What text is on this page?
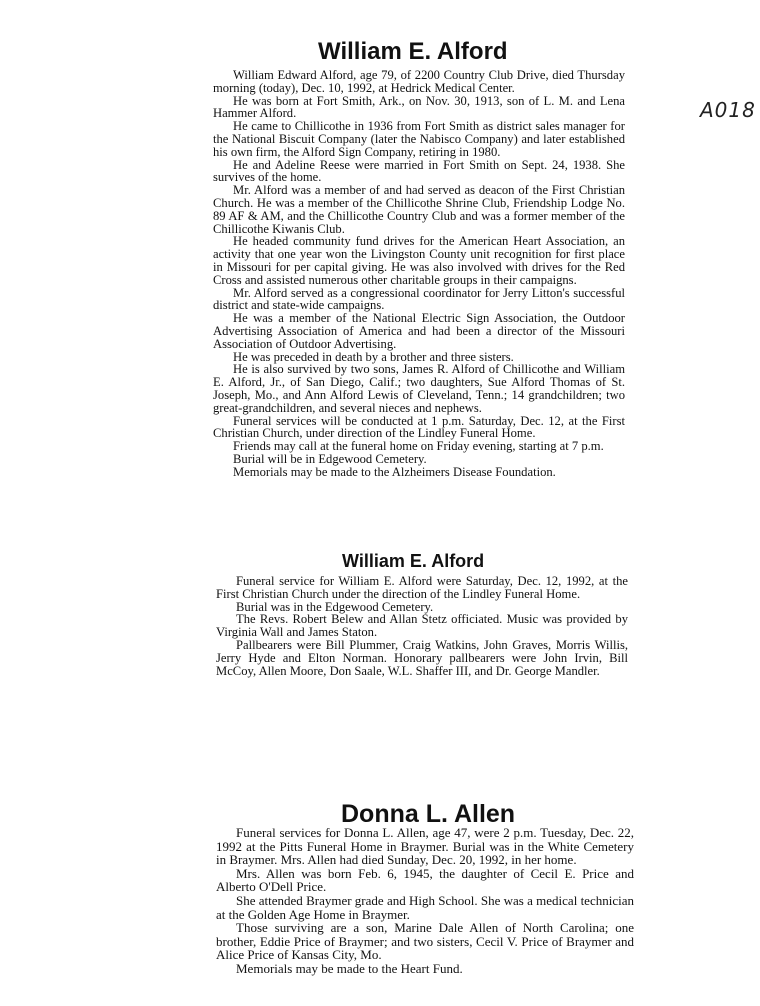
A018
William E. Alford

William Edward Alford, age 79, of 2200 Country Club Drive, died Thursday morning (today), Dec. 10, 1992, at Hedrick Medical Center.

He was born at Fort Smith, Ark., on Nov. 30, 1913, son of L. M. and Lena Hammer Alford.

He came to Chillicothe in 1936 from Fort Smith as district sales manager for the National Biscuit Company (later the Nabisco Company) and later established his own firm, the Alford Sign Company, retiring in 1980.

He and Adeline Reese were married in Fort Smith on Sept. 24, 1938. She survives of the home.

Mr. Alford was a member of and had served as deacon of the First Christian Church. He was a member of the Chillicothe Shrine Club, Friendship Lodge No. 89 AF & AM, and the Chillicothe Country Club and was a former member of the Chillicothe Kiwanis Club.

He headed community fund drives for the American Heart Association, an activity that one year won the Livingston County unit recognition for first place in Missouri for per capital giving. He was also involved with drives for the Red Cross and assisted numerous other charitable groups in their campaigns.

Mr. Alford served as a congressional coordinator for Jerry Litton's successful district and state-wide campaigns.

He was a member of the National Electric Sign Association, the Outdoor Advertising Association of America and had been a director of the Missouri Association of Outdoor Advertising.

He was preceded in death by a brother and three sisters.

He is also survived by two sons, James R. Alford of Chillicothe and William E. Alford, Jr., of San Diego, Calif.; two daughters, Sue Alford Thomas of St. Joseph, Mo., and Ann Alford Lewis of Cleveland, Tenn.; 14 grandchildren; two great-grandchildren, and several nieces and nephews.

Funeral services will be conducted at 1 p.m. Saturday, Dec. 12, at the First Christian Church, under direction of the Lindley Funeral Home.

Friends may call at the funeral home on Friday evening, starting at 7 p.m.

Burial will be in Edgewood Cemetery.

Memorials may be made to the Alzheimers Disease Foundation.

William E. Alford

Funeral service for William E. Alford were Saturday, Dec. 12, 1992, at the First Christian Church under the direction of the Lindley Funeral Home.

Burial was in the Edgewood Cemetery.

The Revs. Robert Belew and Allan Stetz officiated. Music was provided by Virginia Wall and James Staton.

Pallbearers were Bill Plummer, Craig Watkins, John Graves, Morris Willis, Jerry Hyde and Elton Norman. Honorary pallbearers were John Irvin, Bill McCoy, Allen Moore, Don Saale, W.L. Shaffer III, and Dr. George Mandler.

Donna L. Allen

Funeral services for Donna L. Allen, age 47, were 2 p.m. Tuesday, Dec. 22, 1992 at the Pitts Funeral Home in Braymer. Burial was in the White Cemetery in Braymer. Mrs. Allen had died Sunday, Dec. 20, 1992, in her home.

Mrs. Allen was born Feb. 6, 1945, the daughter of Cecil E. Price and Alberto O'Dell Price.

She attended Braymer grade and High School. She was a medical technician at the Golden Age Home in Braymer.

Those surviving are a son, Marine Dale Allen of North Carolina; one brother, Eddie Price of Braymer; and two sisters, Cecil V. Price of Braymer and Alice Price of Kansas City, Mo.

Memorials may be made to the Heart Fund.
